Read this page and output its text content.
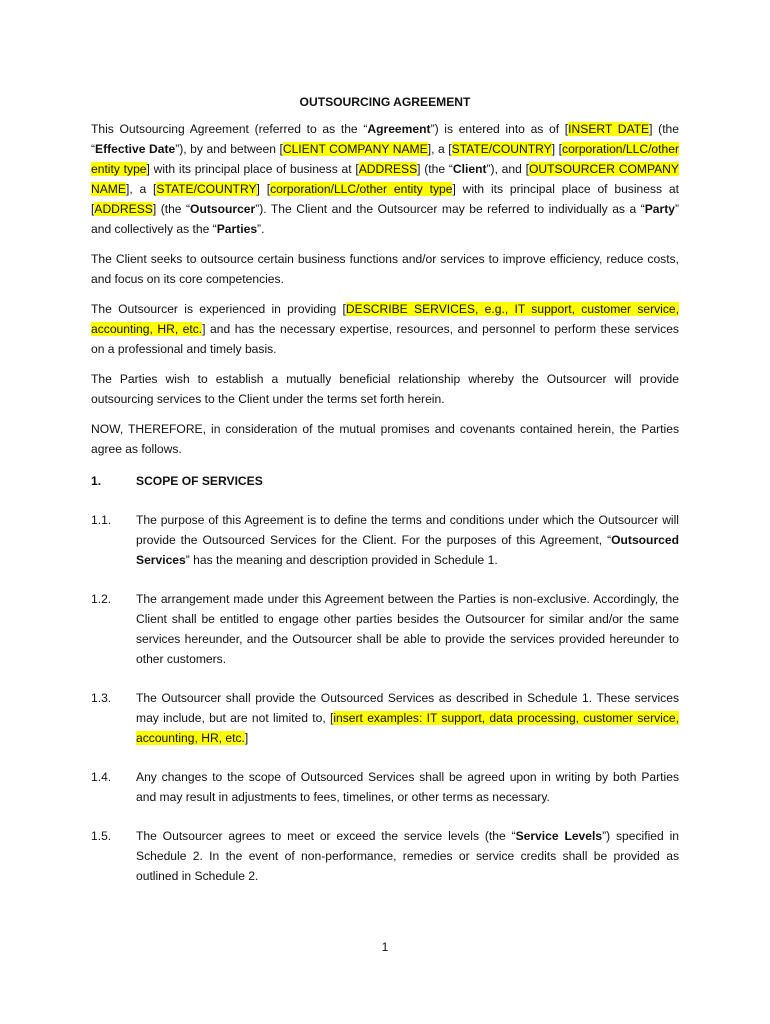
OUTSOURCING AGREEMENT

This Outsourcing Agreement (referred to as the “Agreement”) is entered into as of [INSERT DATE] (the “Effective Date”), by and between [CLIENT COMPANY NAME], a [STATE/COUNTRY] [corporation/LLC/other entity type] with its principal place of business at [ADDRESS] (the “Client”), and [OUTSOURCER COMPANY NAME], a [STATE/COUNTRY] [corporation/LLC/other entity type] with its principal place of business at [ADDRESS] (the “Outsourcer”). The Client and the Outsourcer may be referred to individually as a “Party” and collectively as the “Parties”.

The Client seeks to outsource certain business functions and/or services to improve efficiency, reduce costs, and focus on its core competencies.

The Outsourcer is experienced in providing [DESCRIBE SERVICES, e.g., IT support, customer service, accounting, HR, etc.] and has the necessary expertise, resources, and personnel to perform these services on a professional and timely basis.

The Parties wish to establish a mutually beneficial relationship whereby the Outsourcer will provide outsourcing services to the Client under the terms set forth herein.

NOW, THEREFORE, in consideration of the mutual promises and covenants contained herein, the Parties agree as follows.

1.	SCOPE OF SERVICES
1.1.	The purpose of this Agreement is to define the terms and conditions under which the Outsourcer will provide the Outsourced Services for the Client. For the purposes of this Agreement, “Outsourced Services” has the meaning and description provided in Schedule 1.
1.2.	The arrangement made under this Agreement between the Parties is non-exclusive. Accordingly, the Client shall be entitled to engage other parties besides the Outsourcer for similar and/or the same services hereunder, and the Outsourcer shall be able to provide the services provided hereunder to other customers.
1.3.	The Outsourcer shall provide the Outsourced Services as described in Schedule 1. These services may include, but are not limited to, [insert examples: IT support, data processing, customer service, accounting, HR, etc.]
1.4.	Any changes to the scope of Outsourced Services shall be agreed upon in writing by both Parties and may result in adjustments to fees, timelines, or other terms as necessary.
1.5.	The Outsourcer agrees to meet or exceed the service levels (the “Service Levels”) specified in Schedule 2. In the event of non-performance, remedies or service credits shall be provided as outlined in Schedule 2.
1
